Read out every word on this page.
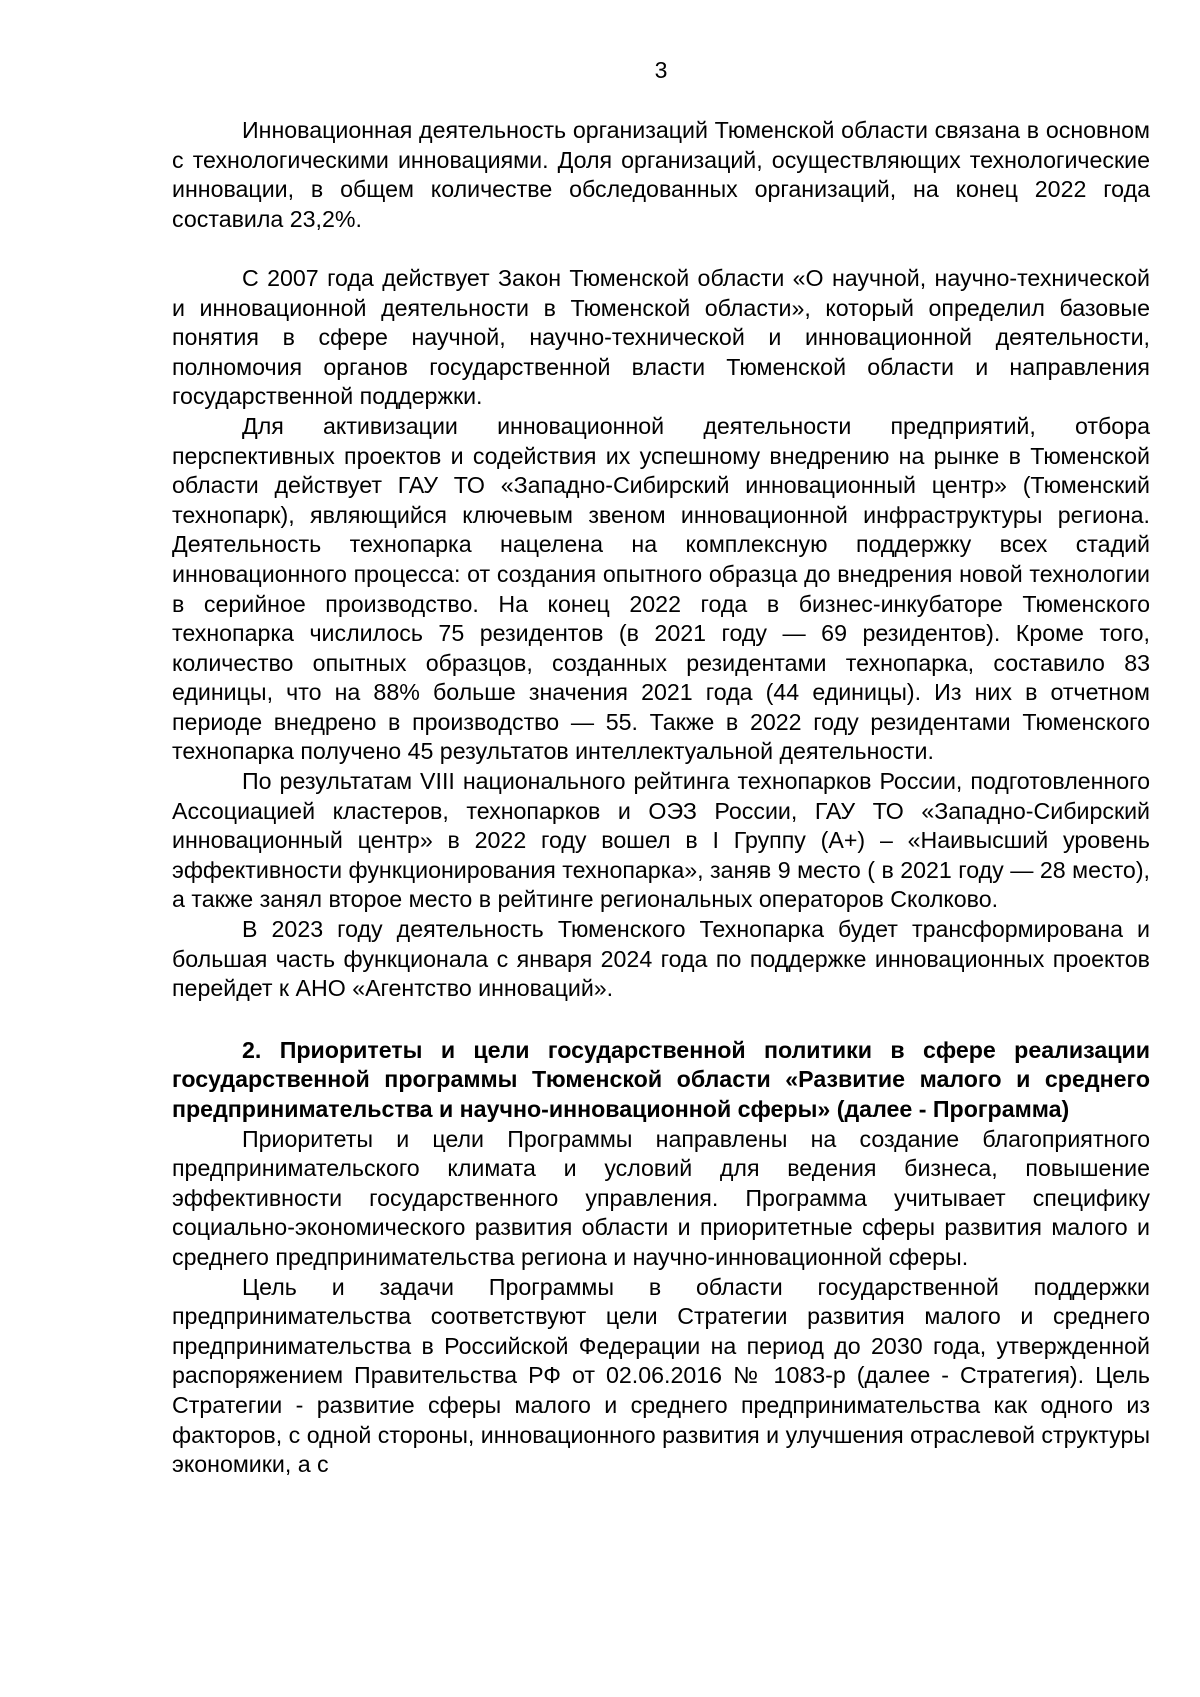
3

Инновационная деятельность организаций Тюменской области связана в основном с технологическими инновациями. Доля организаций, осуществляющих технологические инновации, в общем количестве обследованных организаций, на конец 2022 года составила 23,2%.

С 2007 года действует Закон Тюменской области «О научной, научно-технической и инновационной деятельности в Тюменской области», который определил базовые понятия в сфере научной, научно-технической и инновационной деятельности, полномочия органов государственной власти Тюменской области и направления государственной поддержки.

Для активизации инновационной деятельности предприятий, отбора перспективных проектов и содействия их успешному внедрению на рынке в Тюменской области действует ГАУ ТО «Западно-Сибирский инновационный центр» (Тюменский технопарк), являющийся ключевым звеном инновационной инфраструктуры региона. Деятельность технопарка нацелена на комплексную поддержку всех стадий инновационного процесса: от создания опытного образца до внедрения новой технологии в серийное производство. На конец 2022 года в бизнес-инкубаторе Тюменского технопарка числилось 75 резидентов (в 2021 году — 69 резидентов). Кроме того, количество опытных образцов, созданных резидентами технопарка, составило 83 единицы, что на 88% больше значения 2021 года (44 единицы). Из них в отчетном периоде внедрено в производство — 55. Также в 2022 году резидентами Тюменского технопарка получено 45 результатов интеллектуальной деятельности.

По результатам VIII национального рейтинга технопарков России, подготовленного Ассоциацией кластеров, технопарков и ОЭЗ России, ГАУ ТО «Западно-Сибирский инновационный центр» в 2022 году вошел в I Группу (А+) – «Наивысший уровень эффективности функционирования технопарка», заняв 9 место ( в 2021 году — 28 место), а также занял второе место в рейтинге региональных операторов Сколково.

В 2023 году деятельность Тюменского Технопарка будет трансформирована и большая часть функционала с января 2024 года по поддержке инновационных проектов перейдет к АНО «Агентство инноваций».

2. Приоритеты и цели государственной политики в сфере реализации государственной программы Тюменской области «Развитие малого и среднего предпринимательства и научно-инновационной сферы» (далее - Программа)

Приоритеты и цели Программы направлены на создание благоприятного предпринимательского климата и условий для ведения бизнеса, повышение эффективности государственного управления. Программа учитывает специфику социально-экономического развития области и приоритетные сферы развития малого и среднего предпринимательства региона и научно-инновационной сферы.

Цель и задачи Программы в области государственной поддержки предпринимательства соответствуют цели Стратегии развития малого и среднего предпринимательства в Российской Федерации на период до 2030 года, утвержденной распоряжением Правительства РФ от 02.06.2016 № 1083-р (далее - Стратегия). Цель Стратегии - развитие сферы малого и среднего предпринимательства как одного из факторов, с одной стороны, инновационного развития и улучшения отраслевой структуры экономики, а с
